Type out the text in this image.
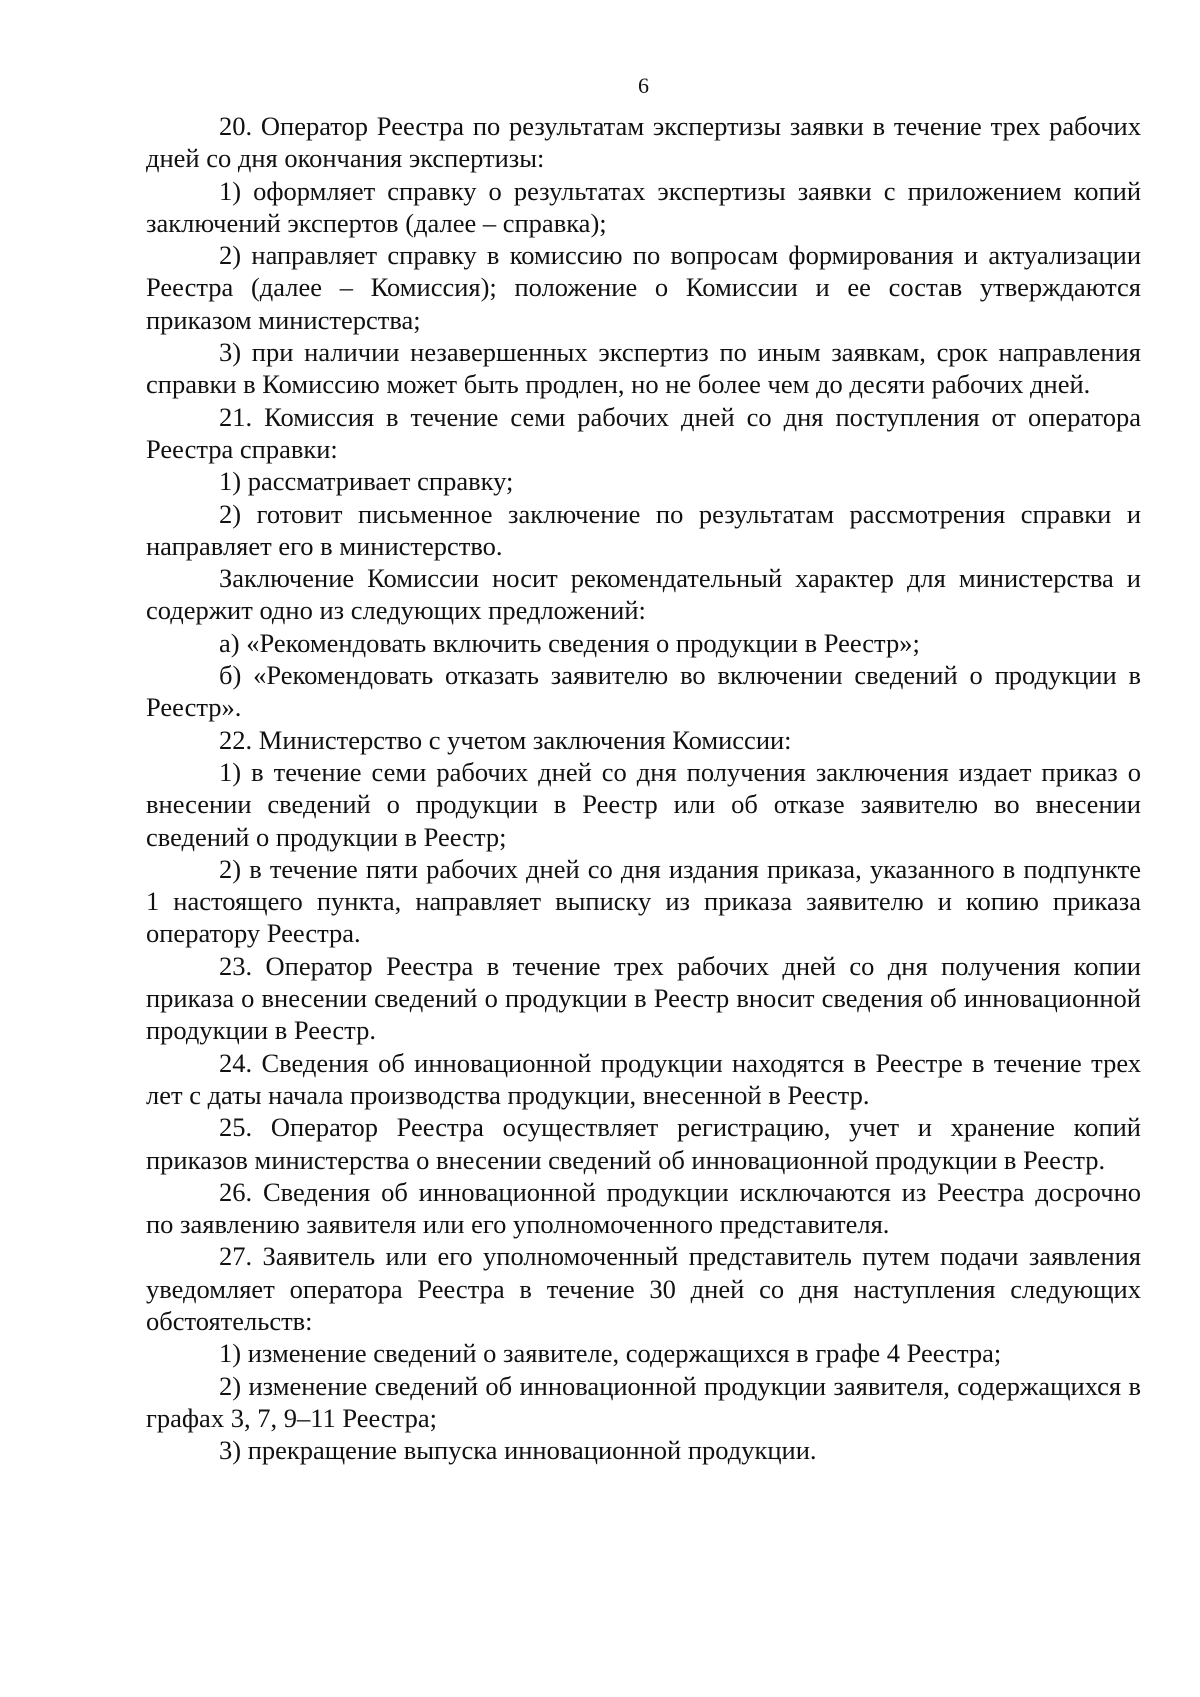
6

20. Оператор Реестра по результатам экспертизы заявки в течение трех рабочих дней со дня окончания экспертизы:

1) оформляет справку о результатах экспертизы заявки с приложением копий заключений экспертов (далее – справка);

2) направляет справку в комиссию по вопросам формирования и актуализации Реестра (далее – Комиссия); положение о Комиссии и ее состав утверждаются приказом министерства;

3) при наличии незавершенных экспертиз по иным заявкам, срок направления справки в Комиссию может быть продлен, но не более чем до десяти рабочих дней.

21. Комиссия в течение семи рабочих дней со дня поступления от оператора Реестра справки:

1) рассматривает справку;

2) готовит письменное заключение по результатам рассмотрения справки и направляет его в министерство.

Заключение Комиссии носит рекомендательный характер для министерства и содержит одно из следующих предложений:

а) «Рекомендовать включить сведения о продукции в Реестр»;

б) «Рекомендовать отказать заявителю во включении сведений о продукции в Реестр».

22. Министерство с учетом заключения Комиссии:

1) в течение семи рабочих дней со дня получения заключения издает приказ о внесении сведений о продукции в Реестр или об отказе заявителю во внесении сведений о продукции в Реестр;

2) в течение пяти рабочих дней со дня издания приказа, указанного в подпункте 1 настоящего пункта, направляет выписку из приказа заявителю и копию приказа оператору Реестра.

23. Оператор Реестра в течение трех рабочих дней со дня получения копии приказа о внесении сведений о продукции в Реестр вносит сведения об инновационной продукции в Реестр.

24. Сведения об инновационной продукции находятся в Реестре в течение трех лет с даты начала производства продукции, внесенной в Реестр.

25. Оператор Реестра осуществляет регистрацию, учет и хранение копий приказов министерства о внесении сведений об инновационной продукции в Реестр.

26. Сведения об инновационной продукции исключаются из Реестра досрочно по заявлению заявителя или его уполномоченного представителя.

27. Заявитель или его уполномоченный представитель путем подачи заявления уведомляет оператора Реестра в течение 30 дней со дня наступления следующих обстоятельств:

1) изменение сведений о заявителе, содержащихся в графе 4 Реестра;

2) изменение сведений об инновационной продукции заявителя, содержащихся в графах 3, 7, 9–11 Реестра;

3) прекращение выпуска инновационной продукции.
